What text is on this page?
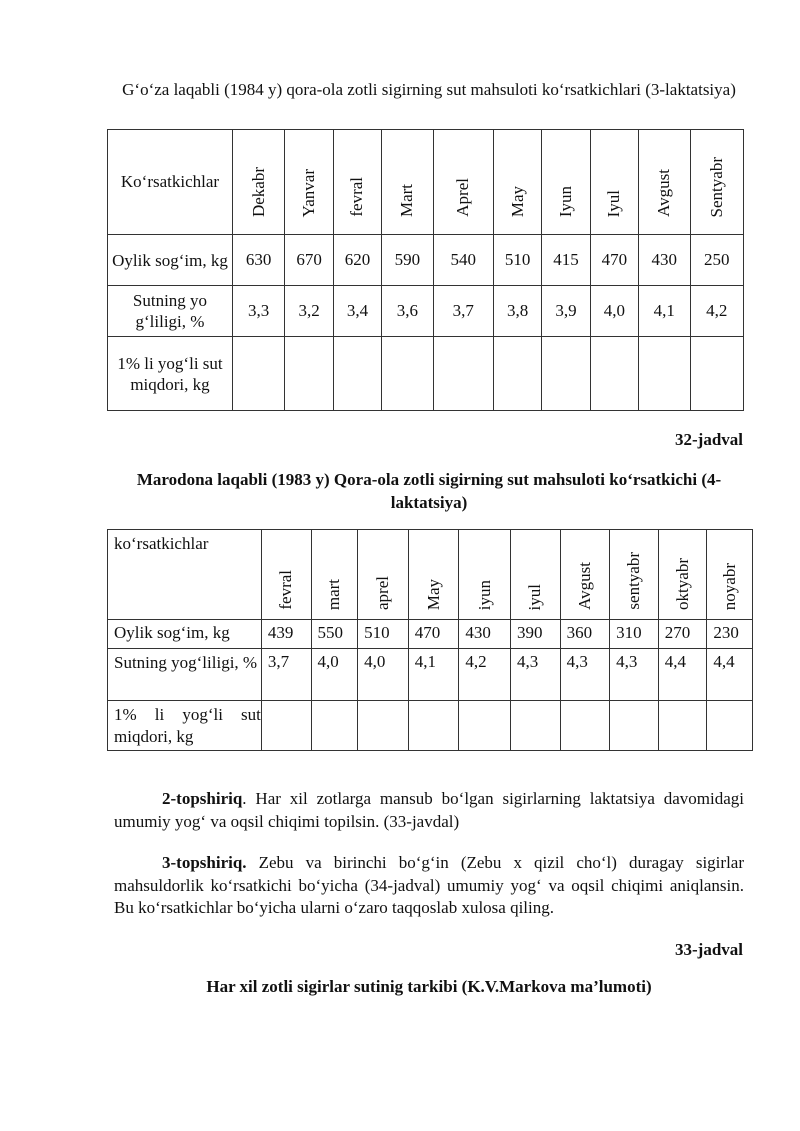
G‘o‘za laqabli (1984 y) qora-ola zotli sigirning sut mahsuloti ko‘rsatkichlari (3-laktatsiya)
Ko‘rsatkichlar	Dekabr	Yanvar	fevral	Mart	Aprel	May	Iyun	Iyul	Avgust	Sentyabr
Oylik sog‘im, kg	630	670	620	590	540	510	415	470	430	250
Sutning yo g‘liligi, %	3,3	3,2	3,4	3,6	3,7	3,8	3,9	4,0	4,1	4,2
1% li yog‘li sut miqdori, kg										
32-jadval
Marodona laqabli (1983 y) Qora-ola zotli sigirning sut mahsuloti ko‘rsatkichi (4-laktatsiya)
ko‘rsatkichlar	fevral	mart	aprel	May	iyun	iyul	Avgust	sentyabr	oktyabr	noyabr
Oylik sog‘im, kg	439	550	510	470	430	390	360	310	270	230
Sutning yog‘liligi, %	3,7	4,0	4,0	4,1	4,2	4,3	4,3	4,3	4,4	4,4
1% li yog‘li sut miqdori, kg										
2-topshiriq. Har xil zotlarga mansub bo‘lgan sigirlarning laktatsiya davomidagi umumiy yog‘ va oqsil chiqimi topilsin. (33-javdal)
3-topshiriq. Zebu va birinchi bo‘g‘in (Zebu x qizil cho‘l) duragay sigirlar mahsuldorlik ko‘rsatkichi bo‘yicha (34-jadval) umumiy yog‘ va oqsil chiqimi aniqlansin. Bu ko‘rsatkichlar bo‘yicha ularni o‘zaro taqqoslab xulosa qiling.
33-jadval
Har xil zotli sigirlar sutinig tarkibi (K.V.Markova ma’lumoti)
